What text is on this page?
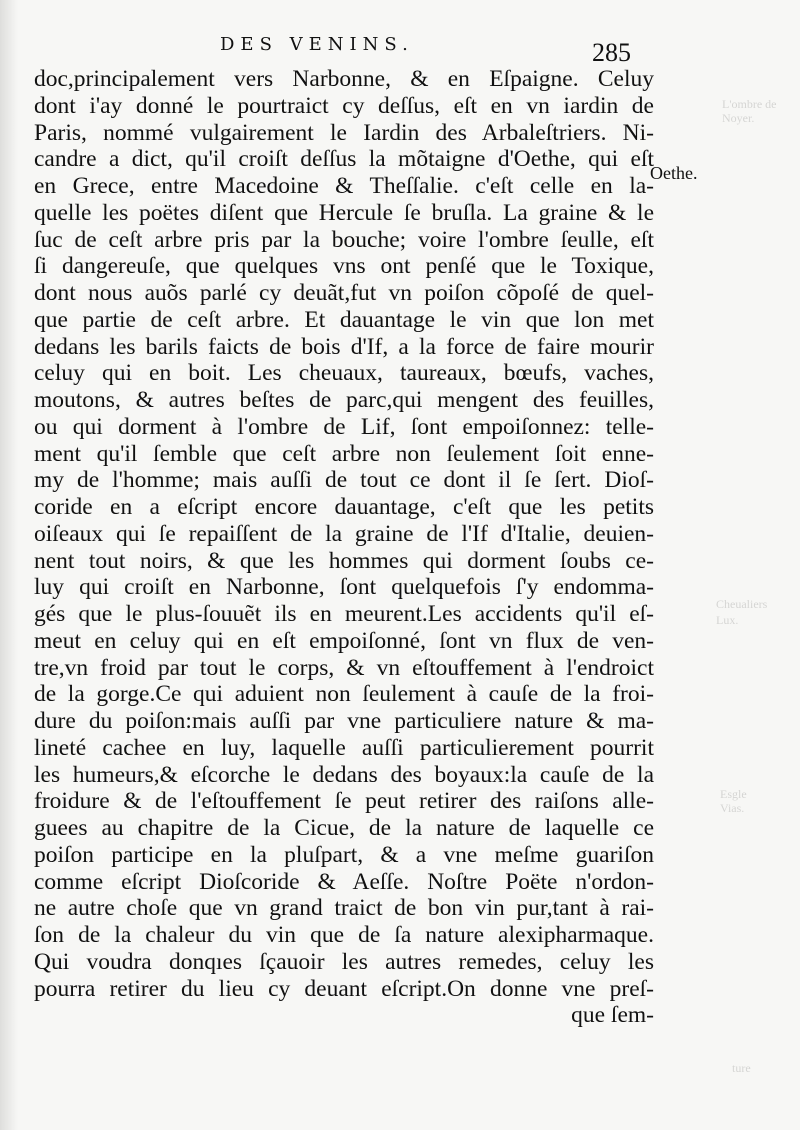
DES VENINS.	285
Oethe.
L'ombre de
Noyer.
Cheualiers
Lux.
Esgle
Vias.
ture
doc,principalement vers Narbonne, & en Eſpaigne. Celuy
dont i'ay donné le pourtraict cy deſſus, eſt en vn iardin de
Paris, nommé vulgairement le Iardin des Arbaleſtriers. Ni-
candre a dict, qu'il croiſt deſſus la mõtaigne d'Oethe, qui eſt
en Grece, entre Macedoine & Theſſalie. c'eſt celle en la-
quelle les poëtes diſent que Hercule ſe bruſla. La graine & le
ſuc de ceſt arbre pris par la bouche; voire l'ombre ſeulle, eſt
ſi dangereuſe, que quelques vns ont penſé que le Toxique,
dont nous auõs parlé cy deuãt,fut vn poiſon cõpoſé de quel-
que partie de ceſt arbre. Et dauantage le vin que lon met
dedans les barils faicts de bois d'If, a la force de faire mourir
celuy qui en boit. Les cheuaux, taureaux, bœufs, vaches,
moutons, & autres beſtes de parc,qui mengent des feuilles,
ou qui dorment à l'ombre de Lif, ſont empoiſonnez: telle-
ment qu'il ſemble que ceſt arbre non ſeulement ſoit enne-
my de l'homme; mais auſſi de tout ce dont il ſe ſert. Dioſ-
coride en a eſcript encore dauantage, c'eſt que les petits
oiſeaux qui ſe repaiſſent de la graine de l'If d'Italie, deuien-
nent tout noirs, & que les hommes qui dorment ſoubs ce-
luy qui croiſt en Narbonne, ſont quelquefois ſ'y endomma-
gés que le plus-ſouuẽt ils en meurent.Les accidents qu'il eſ-
meut en celuy qui en eſt empoiſonné, ſont vn flux de ven-
tre,vn froid par tout le corps, & vn eſtouffement à l'endroict
de la gorge.Ce qui aduient non ſeulement à cauſe de la froi-
dure du poiſon:mais auſſi par vne particuliere nature & ma-
lineté cachee en luy, laquelle auſſi particulierement pourrit
les humeurs,& eſcorche le dedans des boyaux:la cauſe de la
froidure & de l'eſtouffement ſe peut retirer des raiſons alle-
guees au chapitre de la Cicue, de la nature de laquelle ce
poiſon participe en la pluſpart, & a vne meſme guariſon
comme eſcript Dioſcoride & Aeſſe. Noſtre Poëte n'ordon-
ne autre choſe que vn grand traict de bon vin pur,tant à rai-
ſon de la chaleur du vin que de ſa nature alexipharmaque.
Qui voudra donqıes ſçauoir les autres remedes, celuy les
pourra retirer du lieu cy deuant eſcript.On donne vne preſ-
que ſem-
